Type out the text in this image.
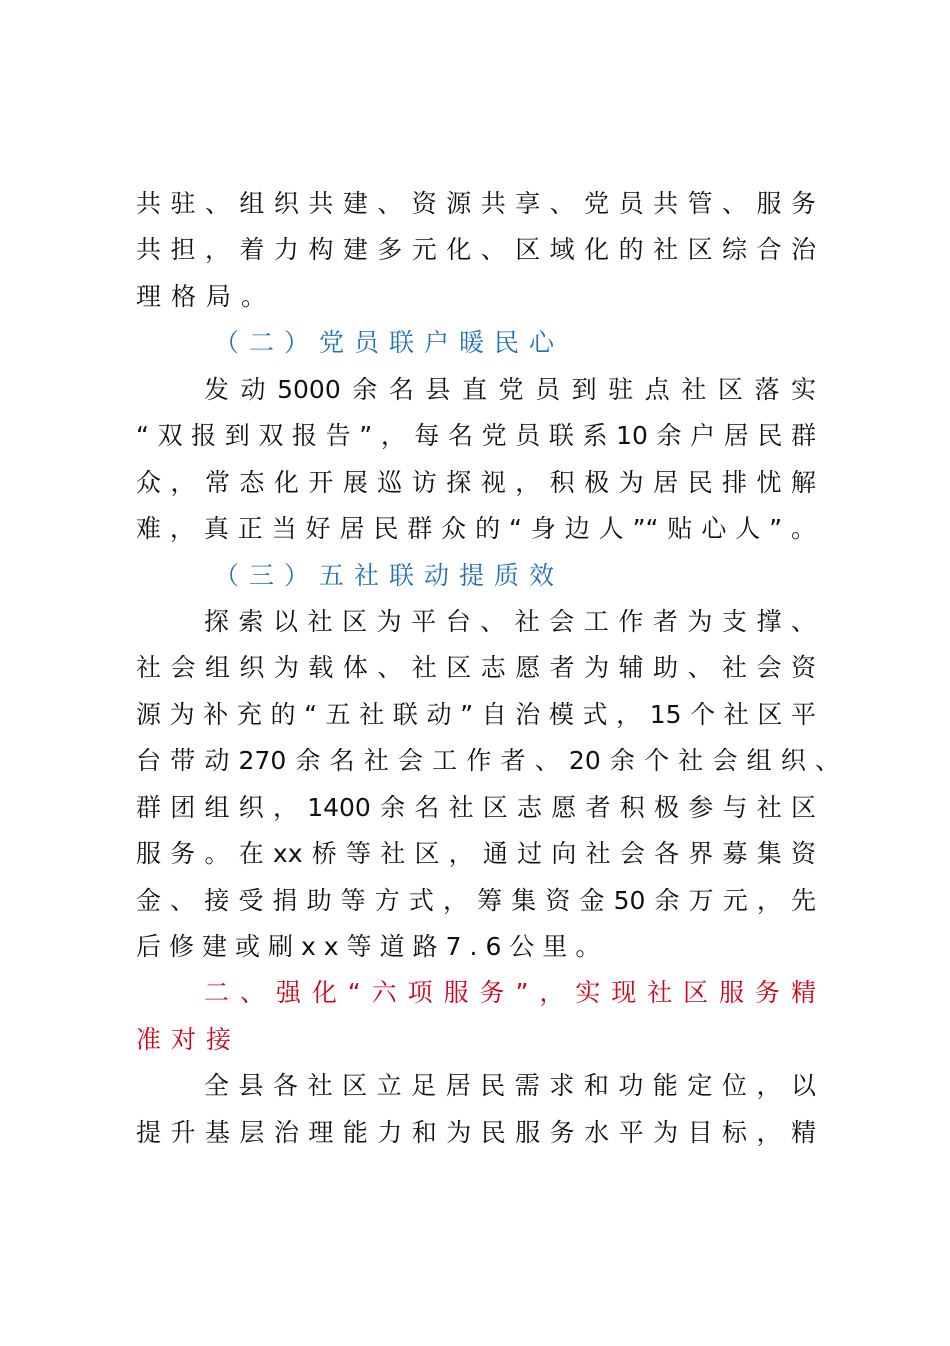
共驻、组织共建、资源共享、党员共管、服务
共担，着力构建多元化、区域化的社区综合治
理格局。
（二）党员联户暖民心
发动5000余名县直党员到驻点社区落实
“双报到双报告”，每名党员联系10余户居民群
众，常态化开展巡访探视，积极为居民排忧解
难，真正当好居民群众的“身边人”“贴心人”。
（三）五社联动提质效
探索以社区为平台、社会工作者为支撑、
社会组织为载体、社区志愿者为辅助、社会资
源为补充的“五社联动”自治模式，15个社区平
台带动270余名社会工作者、20余个社会组织、
群团组织，1400余名社区志愿者积极参与社区
服务。在xx桥等社区，通过向社会各界募集资
金、接受捐助等方式，筹集资金50余万元，先
后修建或刷xx等道路7.6公里。
二、强化“六项服务”，实现社区服务精
准对接
全县各社区立足居民需求和功能定位，以
提升基层治理能力和为民服务水平为目标，精
